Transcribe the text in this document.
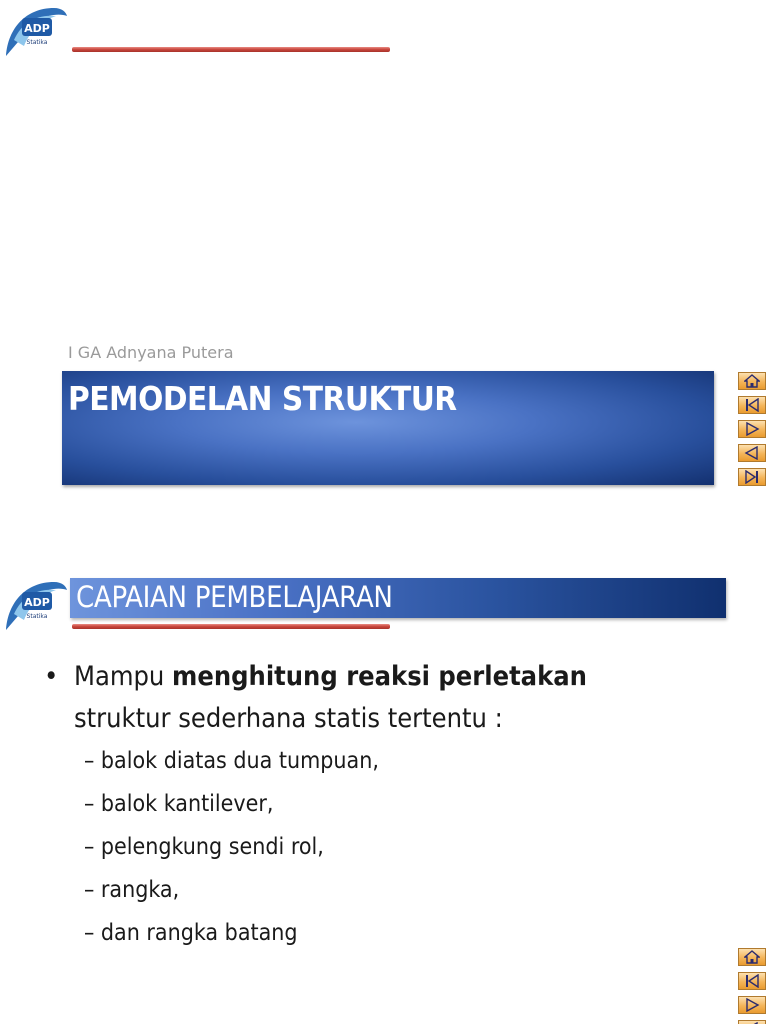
ADP
Statika
I GA Adnyana Putera
PEMODELAN STRUKTUR
ADP
Statika
CAPAIAN PEMBELAJARAN
• Mampu menghitung reaksi perletakan
struktur sederhana statis tertentu :
– balok diatas dua tumpuan,
– balok kantilever,
– pelengkung sendi rol,
– rangka,
– dan rangka batang
